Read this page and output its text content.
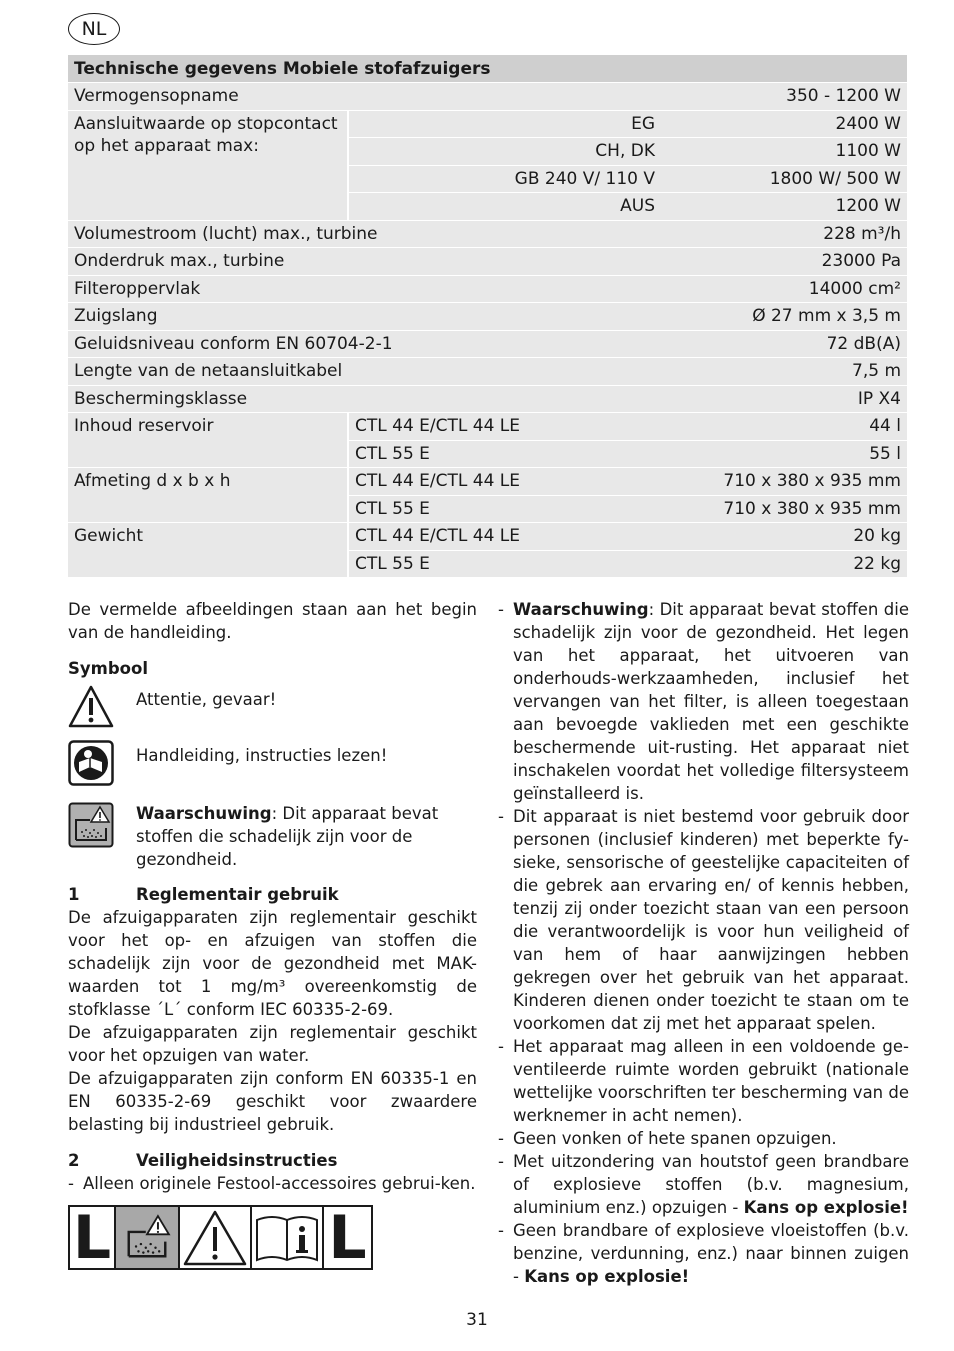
NL
Technische gegevens Mobiele stofafzuigers		
Vermogensopname		350 - 1200 W
Aansluitwaarde op stopcontact op het apparaat max:	EG	2400 W
	CH, DK	1100 W
	GB 240 V/ 110 V	1800 W/ 500 W
	AUS	1200 W
Volumestroom (lucht) max., turbine		228 m³/h
Onderdruk max., turbine		23000 Pa
Filteroppervlak		14000 cm²
Zuigslang		Ø 27 mm x 3,5 m
Geluidsniveau conform EN 60704-2-1		72 dB(A)
Lengte van de netaansluitkabel		7,5 m
Beschermingsklasse		IP X4
Inhoud reservoir	CTL 44 E/CTL 44 LE	44 l
	CTL 55 E	55 l
Afmeting d x b x h	CTL 44 E/CTL 44 LE	710 x 380 x 935 mm
	CTL 55 E	710 x 380 x 935 mm
Gewicht	CTL 44 E/CTL 44 LE	20 kg
	CTL 55 E	22 kg

De vermelde afbeeldingen staan aan het begin van de handleiding.

Symbool

Attentie, gevaar!
Handleiding, instructies lezen!
Waarschuwing: Dit apparaat bevat stoffen die schadelijk zijn voor de gezondheid.
1	Reglementair gebruik

De afzuigapparaten zijn reglementair geschikt voor het op- en afzuigen van stoffen die schadelijk zijn voor de gezondheid met MAK-waarden tot 1 mg/m³ overeenkomstig de stofklasse ´L´ conform IEC 60335-2-69.

De afzuigapparaten zijn reglementair geschikt voor het opzuigen van water.

De afzuigapparaten zijn conform EN 60335-1 en EN 60335-2-69 geschikt voor zwaardere belasting bij industrieel gebruik.

2	Veiligheidsinstructies

- Alleen originele Festool-accessoires gebrui-ken.

L	L

- Waarschuwing: Dit apparaat bevat stoffen die schadelijk zijn voor de gezondheid. Het legen van het apparaat, het uitvoeren van onderhouds-werkzaamheden, inclusief het vervangen van het filter, is alleen toegestaan aan bevoegde vaklieden met een geschikte beschermende uit-rusting. Het apparaat niet inschakelen voordat het volledige filtersysteem geïnstalleerd is.

- Dit apparaat is niet bestemd voor gebruik door personen (inclusief kinderen) met beperkte fy-sieke, sensorische of geestelijke capaciteiten of die gebrek aan ervaring en/ of kennis hebben, tenzij zij onder toezicht staan van een persoon die verantwoordelijk is voor hun veiligheid of van hem of haar aanwijzingen hebben gekregen over het gebruik van het apparaat. Kinderen dienen onder toezicht te staan om te voorkomen dat zij met het apparaat spelen.

- Het apparaat mag alleen in een voldoende ge-ventileerde ruimte worden gebruikt (nationale wettelijke voorschriften ter bescherming van de werknemer in acht nemen).

- Geen vonken of hete spanen opzuigen.

- Met uitzondering van houtstof geen brandbare of explosieve stoffen (b.v. magnesium, aluminium enz.) opzuigen - Kans op explosie!

- Geen brandbare of explosieve vloeistoffen (b.v. benzine, verdunning, enz.) naar binnen zuigen - Kans op explosie!

31
